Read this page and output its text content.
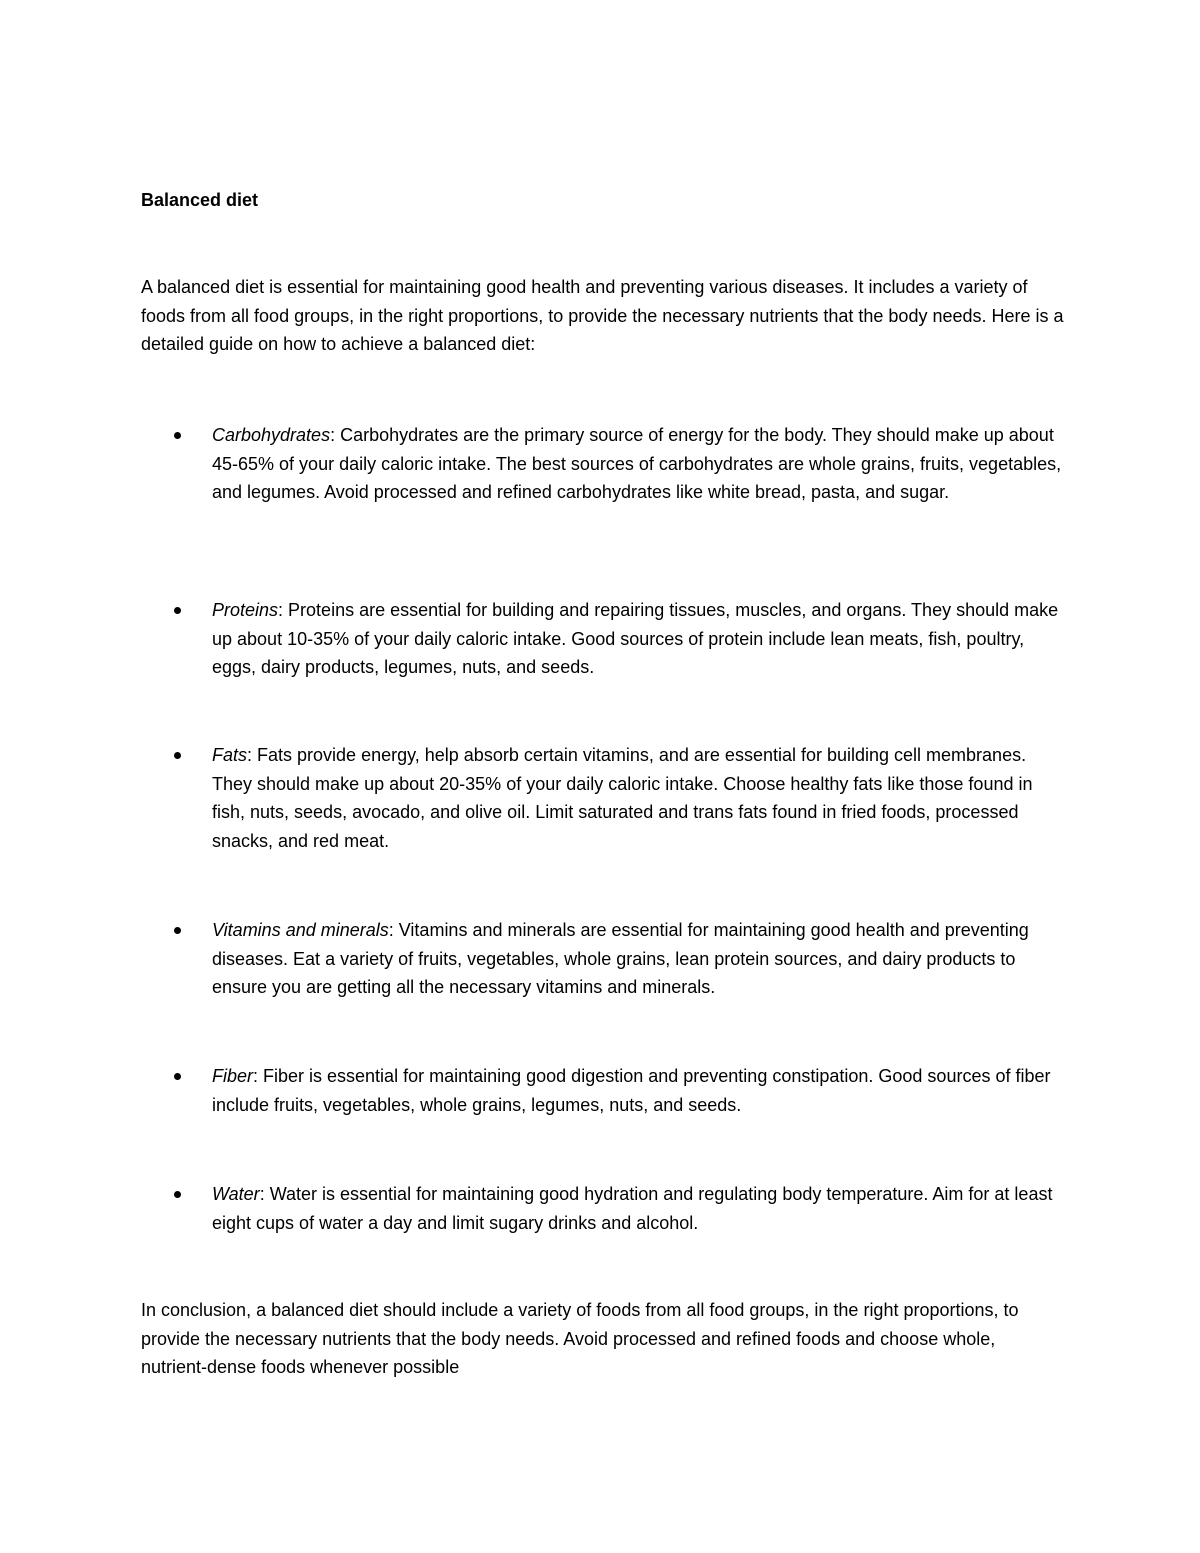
Balanced diet
A balanced diet is essential for maintaining good health and preventing various diseases. It includes a variety of foods from all food groups, in the right proportions, to provide the necessary nutrients that the body needs. Here is a detailed guide on how to achieve a balanced diet:
Carbohydrates: Carbohydrates are the primary source of energy for the body. They should make up about 45-65% of your daily caloric intake. The best sources of carbohydrates are whole grains, fruits, vegetables, and legumes. Avoid processed and refined carbohydrates like white bread, pasta, and sugar.
Proteins: Proteins are essential for building and repairing tissues, muscles, and organs. They should make up about 10-35% of your daily caloric intake. Good sources of protein include lean meats, fish, poultry, eggs, dairy products, legumes, nuts, and seeds.
Fats: Fats provide energy, help absorb certain vitamins, and are essential for building cell membranes. They should make up about 20-35% of your daily caloric intake. Choose healthy fats like those found in fish, nuts, seeds, avocado, and olive oil. Limit saturated and trans fats found in fried foods, processed snacks, and red meat.
Vitamins and minerals: Vitamins and minerals are essential for maintaining good health and preventing diseases. Eat a variety of fruits, vegetables, whole grains, lean protein sources, and dairy products to ensure you are getting all the necessary vitamins and minerals.
Fiber: Fiber is essential for maintaining good digestion and preventing constipation. Good sources of fiber include fruits, vegetables, whole grains, legumes, nuts, and seeds.
Water: Water is essential for maintaining good hydration and regulating body temperature. Aim for at least eight cups of water a day and limit sugary drinks and alcohol.
In conclusion, a balanced diet should include a variety of foods from all food groups, in the right proportions, to provide the necessary nutrients that the body needs. Avoid processed and refined foods and choose whole, nutrient-dense foods whenever possible
